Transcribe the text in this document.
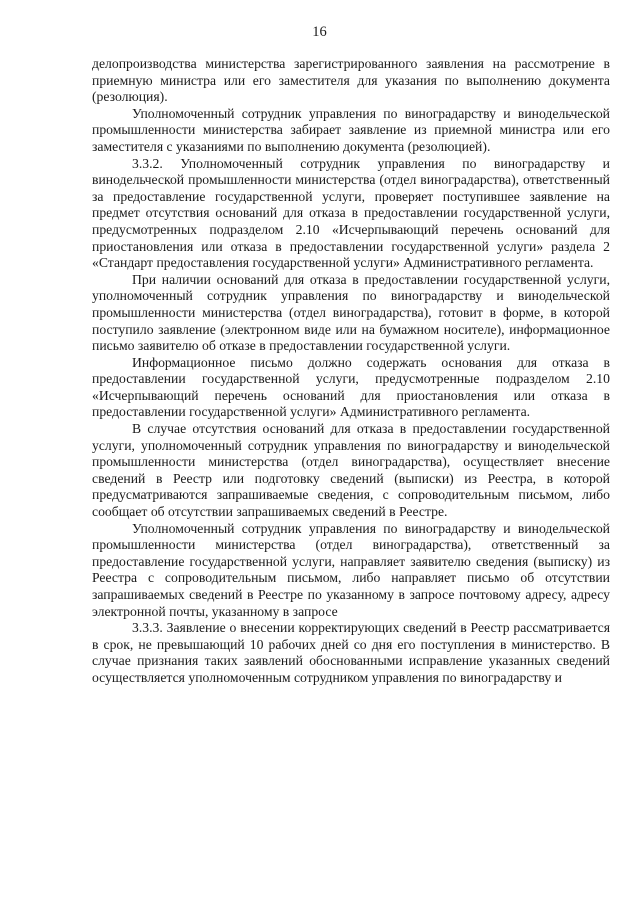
16

делопроизводства министерства зарегистрированного заявления на рассмотрение в приемную министра или его заместителя для указания по выполнению документа (резолюция).

Уполномоченный сотрудник управления по виноградарству и винодельческой промышленности министерства забирает заявление из приемной министра или его заместителя с указаниями по выполнению документа (резолюцией).

3.3.2. Уполномоченный сотрудник управления по виноградарству и винодельческой промышленности министерства (отдел виноградарства), ответственный за предоставление государственной услуги, проверяет поступившее заявление на предмет отсутствия оснований для отказа в предоставлении государственной услуги, предусмотренных подразделом 2.10 «Исчерпывающий перечень оснований для приостановления или отказа в предоставлении государственной услуги» раздела 2 «Стандарт предоставления государственной услуги» Административного регламента.

При наличии оснований для отказа в предоставлении государственной услуги, уполномоченный сотрудник управления по виноградарству и винодельческой промышленности министерства (отдел виноградарства), готовит в форме, в которой поступило заявление (электронном виде или на бумажном носителе), информационное письмо заявителю об отказе в предоставлении государственной услуги.

Информационное письмо должно содержать основания для отказа в предоставлении государственной услуги, предусмотренные подразделом 2.10 «Исчерпывающий перечень оснований для приостановления или отказа в предоставлении государственной услуги» Административного регламента.

В случае отсутствия оснований для отказа в предоставлении государственной услуги, уполномоченный сотрудник управления по виноградарству и винодельческой промышленности министерства (отдел виноградарства), осуществляет внесение сведений в Реестр или подготовку сведений (выписки) из Реестра, в которой предусматриваются запрашиваемые сведения, с сопроводительным письмом, либо сообщает об отсутствии запрашиваемых сведений в Реестре.

Уполномоченный сотрудник управления по виноградарству и винодельческой промышленности министерства (отдел виноградарства), ответственный за предоставление государственной услуги, направляет заявителю сведения (выписку) из Реестра с сопроводительным письмом, либо направляет письмо об отсутствии запрашиваемых сведений в Реестре по указанному в запросе почтовому адресу, адресу электронной почты, указанному в запросе

3.3.3. Заявление о внесении корректирующих сведений в Реестр рассматривается в срок, не превышающий 10 рабочих дней со дня его поступления в министерство. В случае признания таких заявлений обоснованными исправление указанных сведений осуществляется уполномоченным сотрудником управления по виноградарству и
